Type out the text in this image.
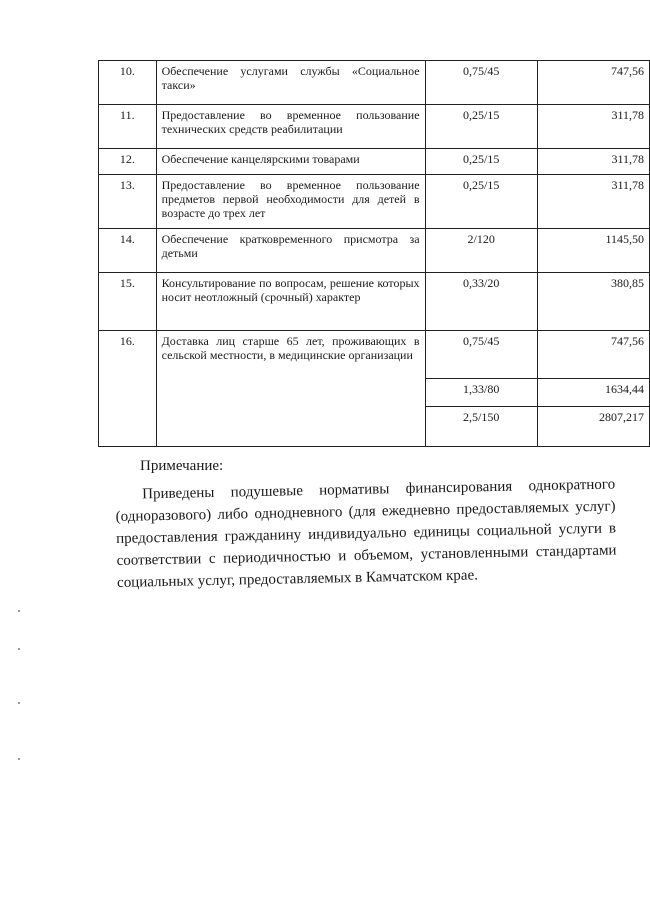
10.	Обеспечение услугами службы «Социальное такси»	0,75/45	747,56
11.	Предоставление во временное пользование технических средств реабилитации	0,25/15	311,78
12.	Обеспечение канцелярскими товарами	0,25/15	311,78
13.	Предоставление во временное пользование предметов первой необходимости для детей в возрасте до трех лет	0,25/15	311,78
14.	Обеспечение кратковременного присмотра за детьми	2/120	1145,50
15.	Консультирование по вопросам, решение которых носит неотложный (срочный) характер	0,33/20	380,85
16.	Доставка лиц старше 65 лет, проживающих в сельской местности, в медицинские организации	0,75/45	747,56
		1,33/80	1634,44
		2,5/150	2807,217
Примечание:
Приведены подушевые нормативы финансирования однократного (одноразового) либо однодневного (для ежедневно предоставляемых услуг) предоставления гражданину индивидуально единицы социальной услуги в соответствии с периодичностью и объемом, установленными стандартами социальных услуг, предоставляемых в Камчатском крае.
